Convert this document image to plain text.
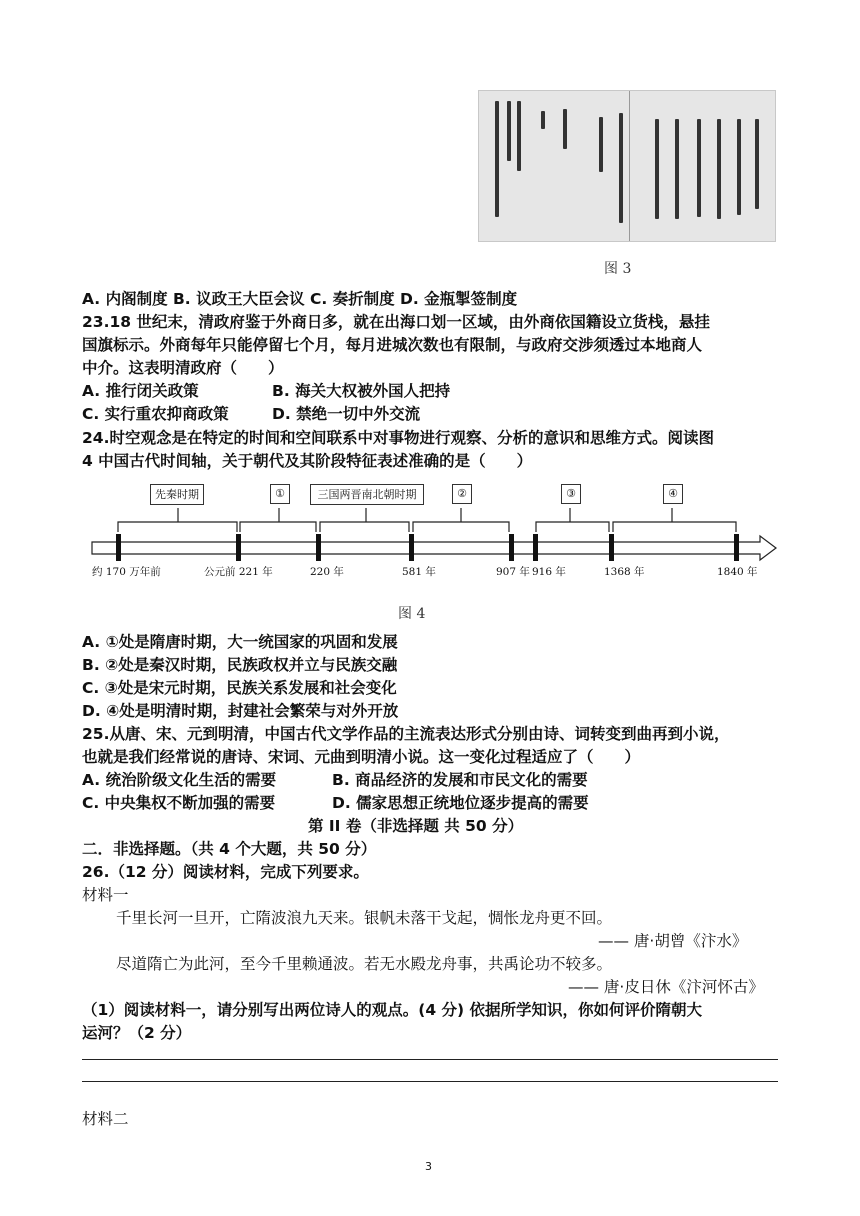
图 3
A. 内阁制度 B. 议政王大臣会议 C. 奏折制度 D. 金瓶掣签制度
23.18 世纪末，清政府鉴于外商日多，就在出海口划一区域，由外商依国籍设立货栈，悬挂
国旗标示。外商每年只能停留七个月，每月进城次数也有限制，与政府交涉须透过本地商人
中介。这表明清政府（　　）
A. 推行闭关政策	B. 海关大权被外国人把持
C. 实行重农抑商政策	D. 禁绝一切中外交流
24.时空观念是在特定的时间和空间联系中对事物进行观察、分析的意识和思维方式。阅读图
4 中国古代时间轴，关于朝代及其阶段特征表述准确的是（　　）
先秦时期	①	三国两晋南北朝时期	②	③	④
约 170 万年前	公元前 221 年	220 年	581 年	907 年 916 年	1368 年	1840 年
图 4
A. ①处是隋唐时期，大一统国家的巩固和发展
B. ②处是秦汉时期，民族政权并立与民族交融
C. ③处是宋元时期，民族关系发展和社会变化
D. ④处是明清时期，封建社会繁荣与对外开放
25.从唐、宋、元到明清，中国古代文学作品的主流表达形式分别由诗、词转变到曲再到小说，
也就是我们经常说的唐诗、宋词、元曲到明清小说。这一变化过程适应了（　　）
A. 统治阶级文化生活的需要	B. 商品经济的发展和市民文化的需要
C. 中央集权不断加强的需要	D. 儒家思想正统地位逐步提高的需要
第 II 卷（非选择题 共 50 分）
二．非选择题。（共 4 个大题，共 50 分）
26.（12 分）阅读材料，完成下列要求。
材料一
千里长河一旦开，亡隋波浪九天来。银帆未落干戈起，惆怅龙舟更不回。
—— 唐·胡曾《汴水》
尽道隋亡为此河，至今千里赖通波。若无水殿龙舟事，共禹论功不较多。
—— 唐·皮日休《汴河怀古》
（1）阅读材料一，请分别写出两位诗人的观点。(4 分) 依据所学知识，你如何评价隋朝大
运河？（2 分）
材料二
3
